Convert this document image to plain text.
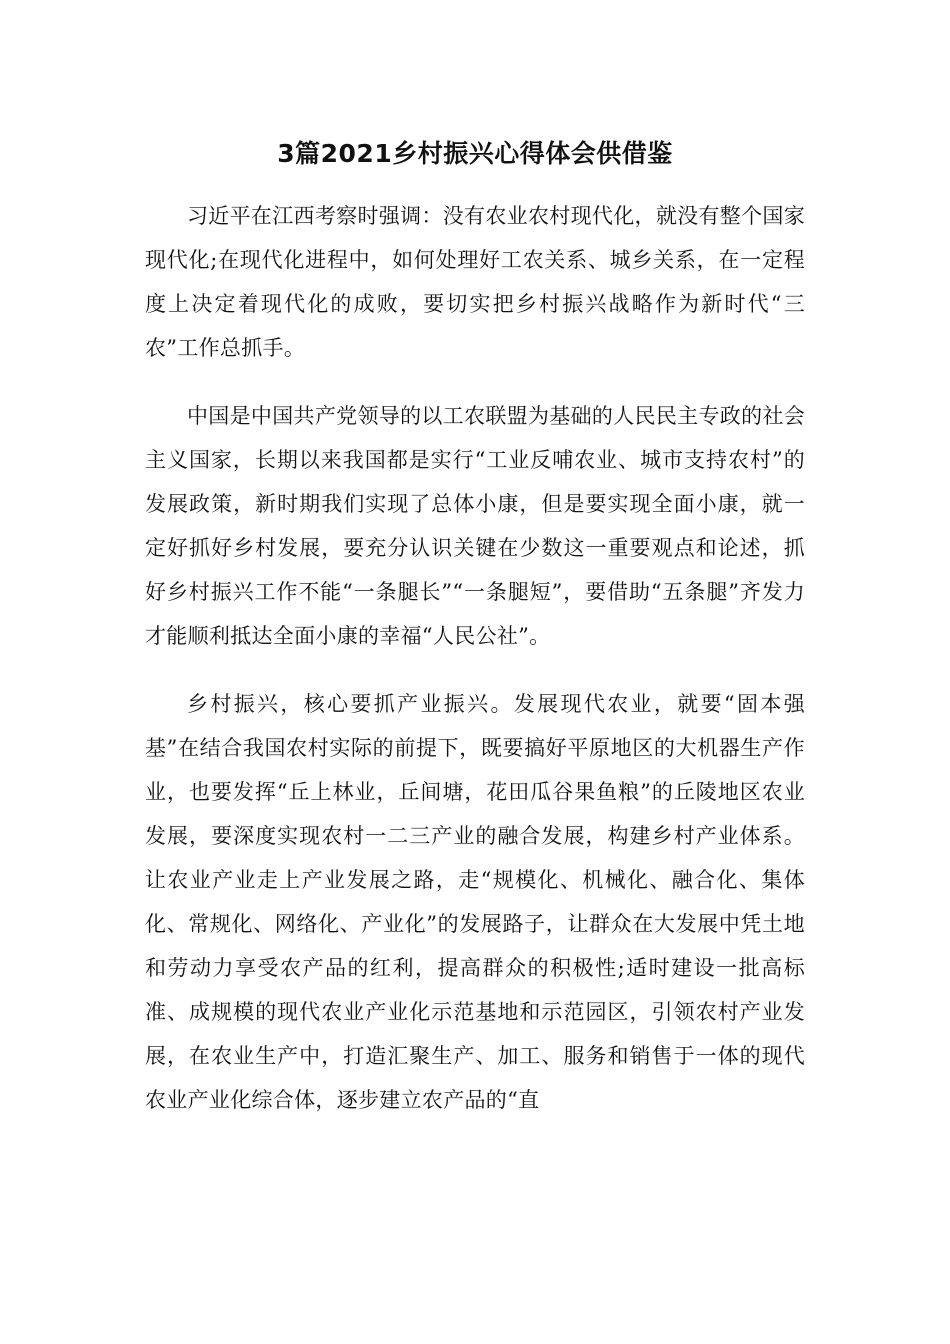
3篇2021乡村振兴心得体会供借鉴

习近平在江西考察时强调：没有农业农村现代化，就没有整个国家现代化;在现代化进程中，如何处理好工农关系、城乡关系，在一定程度上决定着现代化的成败，要切实把乡村振兴战略作为新时代“三农”工作总抓手。

中国是中国共产党领导的以工农联盟为基础的人民民主专政的社会主义国家，长期以来我国都是实行“工业反哺农业、城市支持农村”的发展政策，新时期我们实现了总体小康，但是要实现全面小康，就一定好抓好乡村发展，要充分认识关键在少数这一重要观点和论述，抓好乡村振兴工作不能“一条腿长”“一条腿短”，要借助“五条腿”齐发力才能顺利抵达全面小康的幸福“人民公社”。

乡村振兴，核心要抓产业振兴。发展现代农业，就要“固本强基”在结合我国农村实际的前提下，既要搞好平原地区的大机器生产作业，也要发挥“丘上林业，丘间塘，花田瓜谷果鱼粮”的丘陵地区农业发展，要深度实现农村一二三产业的融合发展，构建乡村产业体系。让农业产业走上产业发展之路，走“规模化、机械化、融合化、集体化、常规化、网络化、产业化”的发展路子，让群众在大发展中凭土地和劳动力享受农产品的红利，提高群众的积极性;适时建设一批高标准、成规模的现代农业产业化示范基地和示范园区，引领农村产业发展，在农业生产中，打造汇聚生产、加工、服务和销售于一体的现代农业产业化综合体，逐步建立农产品的“直
